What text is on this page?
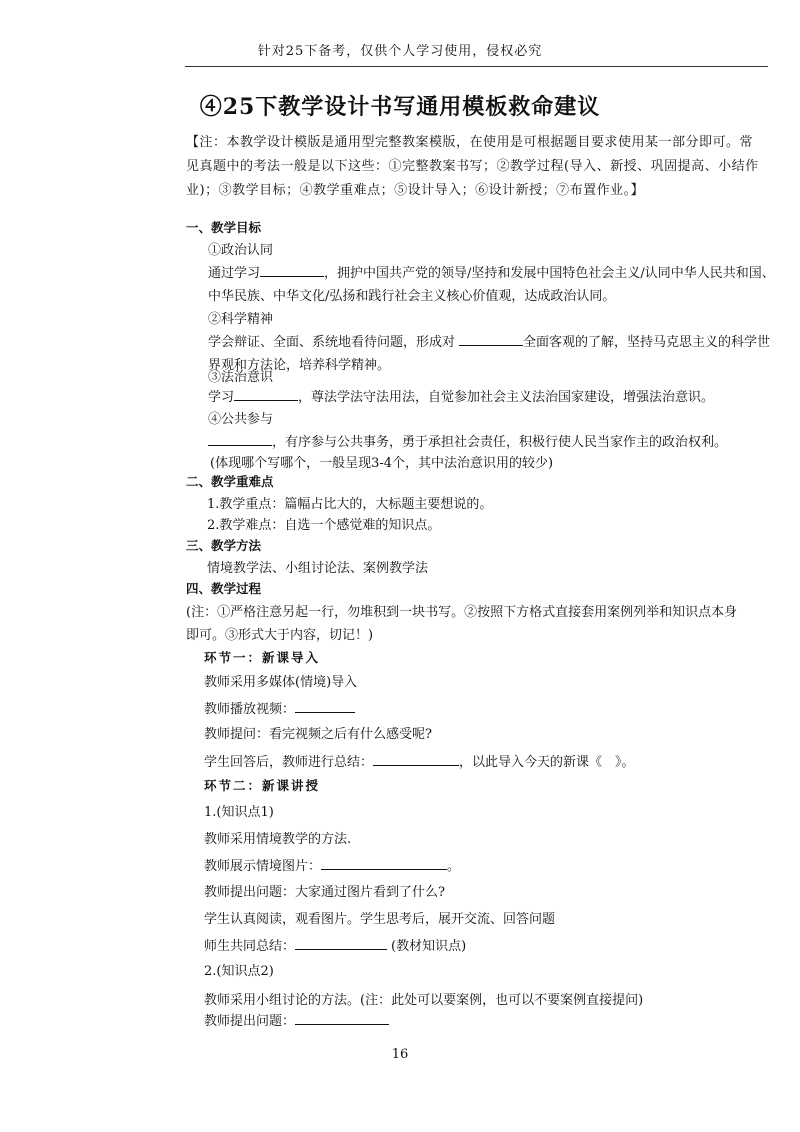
针对25下备考，仅供个人学习使用，侵权必究
④25下教学设计书写通用模板救命建议
【注：本教学设计模版是通用型完整教案模版，在使用是可根据题目要求使用某一部分即可。常见真题中的考法一般是以下这些：①完整教案书写；②教学过程(导入、新授、巩固提高、小结作业)；③教学目标；④教学重难点；⑤设计导入；⑥设计新授；⑦布置作业。】
一、教学目标
①政治认同
通过学习	，拥护中国共产党的领导/坚持和发展中国特色社会主义/认同中华人民共和国、
中华民族、中华文化/弘扬和践行社会主义核心价值观，达成政治认同。
②科学精神
学会辩证、全面、系统地看待问题，形成对	全面客观的了解，坚持马克思主义的科学世
界观和方法论，培养科学精神。
③法治意识
学习	，尊法学法守法用法，自觉参加社会主义法治国家建设，增强法治意识。
④公共参与
，有序参与公共事务，勇于承担社会责任，积极行使人民当家作主的政治权利。
(体现哪个写哪个，一般呈现3-4个，其中法治意识用的较少)
二、教学重难点
1.教学重点：篇幅占比大的，大标题主要想说的。
2.教学难点：自选一个感觉难的知识点。
三、教学方法
情境教学法、小组讨论法、案例教学法
四、教学过程
(注：①严格注意另起一行，勿堆积到一块书写。②按照下方格式直接套用案例列举和知识点本身
即可。③形式大于内容，切记！)
环节一：新课导入
教师采用多媒体(情境)导入
教师播放视频：
教师提问：看完视频之后有什么感受呢?
学生回答后，教师进行总结：	，以此导入今天的新课《　》。
环节二：新课讲授
1.(知识点1)
教师采用情境教学的方法.
教师展示情境图片：	。
教师提出问题：大家通过图片看到了什么?
学生认真阅读，观看图片。学生思考后，展开交流、回答问题
师生共同总结：	(教材知识点)
2.(知识点2)
教师采用小组讨论的方法。(注：此处可以要案例，也可以不要案例直接提问)
教师提出问题：
16
